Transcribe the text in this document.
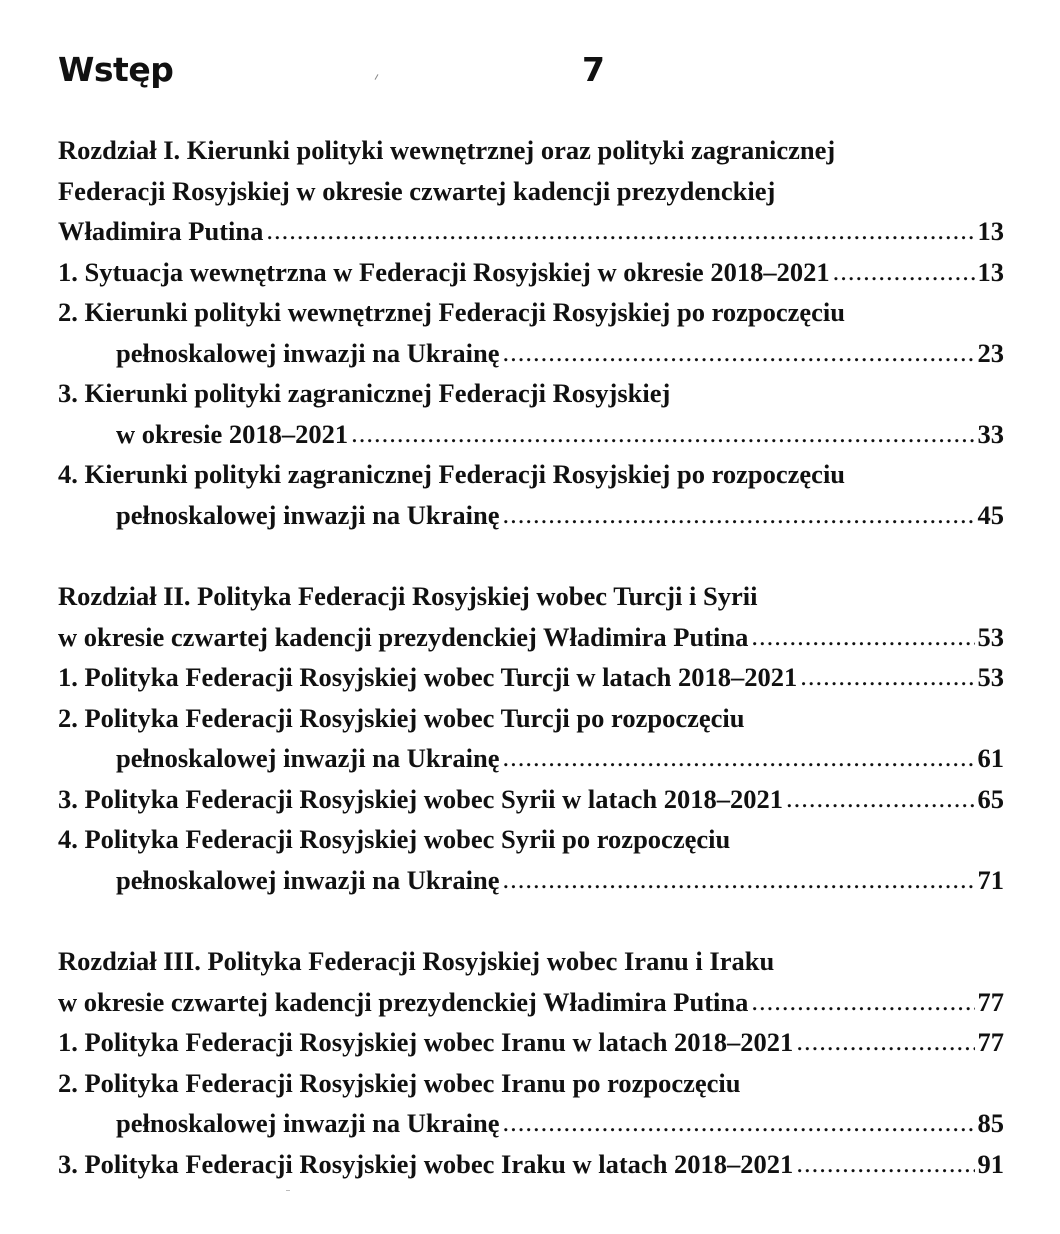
Wstęp	7
Rozdział I. Kierunki polityki wewnętrznej oraz polityki zagranicznej
Federacji Rosyjskiej w okresie czwartej kadencji prezydenckiej
Władimira Putina .....	13
1. Sytuacja wewnętrzna w Federacji Rosyjskiej w okresie 2018–2021 .....	13
2. Kierunki polityki wewnętrznej Federacji Rosyjskiej po rozpoczęciu
pełnoskalowej inwazji na Ukrainę .....	23
3. Kierunki polityki zagranicznej Federacji Rosyjskiej
w okresie 2018–2021 .....	33
4. Kierunki polityki zagranicznej Federacji Rosyjskiej po rozpoczęciu
pełnoskalowej inwazji na Ukrainę .....	45
Rozdział II. Polityka Federacji Rosyjskiej wobec Turcji i Syrii
w okresie czwartej kadencji prezydenckiej Władimira Putina .....	53
1. Polityka Federacji Rosyjskiej wobec Turcji w latach 2018–2021 .....	53
2. Polityka Federacji Rosyjskiej wobec Turcji po rozpoczęciu
pełnoskalowej inwazji na Ukrainę .....	61
3. Polityka Federacji Rosyjskiej wobec Syrii w latach 2018–2021 .....	65
4. Polityka Federacji Rosyjskiej wobec Syrii po rozpoczęciu
pełnoskalowej inwazji na Ukrainę .....	71
Rozdział III. Polityka Federacji Rosyjskiej wobec Iranu i Iraku
w okresie czwartej kadencji prezydenckiej Władimira Putina .....	77
1. Polityka Federacji Rosyjskiej wobec Iranu w latach 2018–2021 .....	77
2. Polityka Federacji Rosyjskiej wobec Iranu po rozpoczęciu
pełnoskalowej inwazji na Ukrainę .....	85
3. Polityka Federacji Rosyjskiej wobec Iraku w latach 2018–2021 .....	91
